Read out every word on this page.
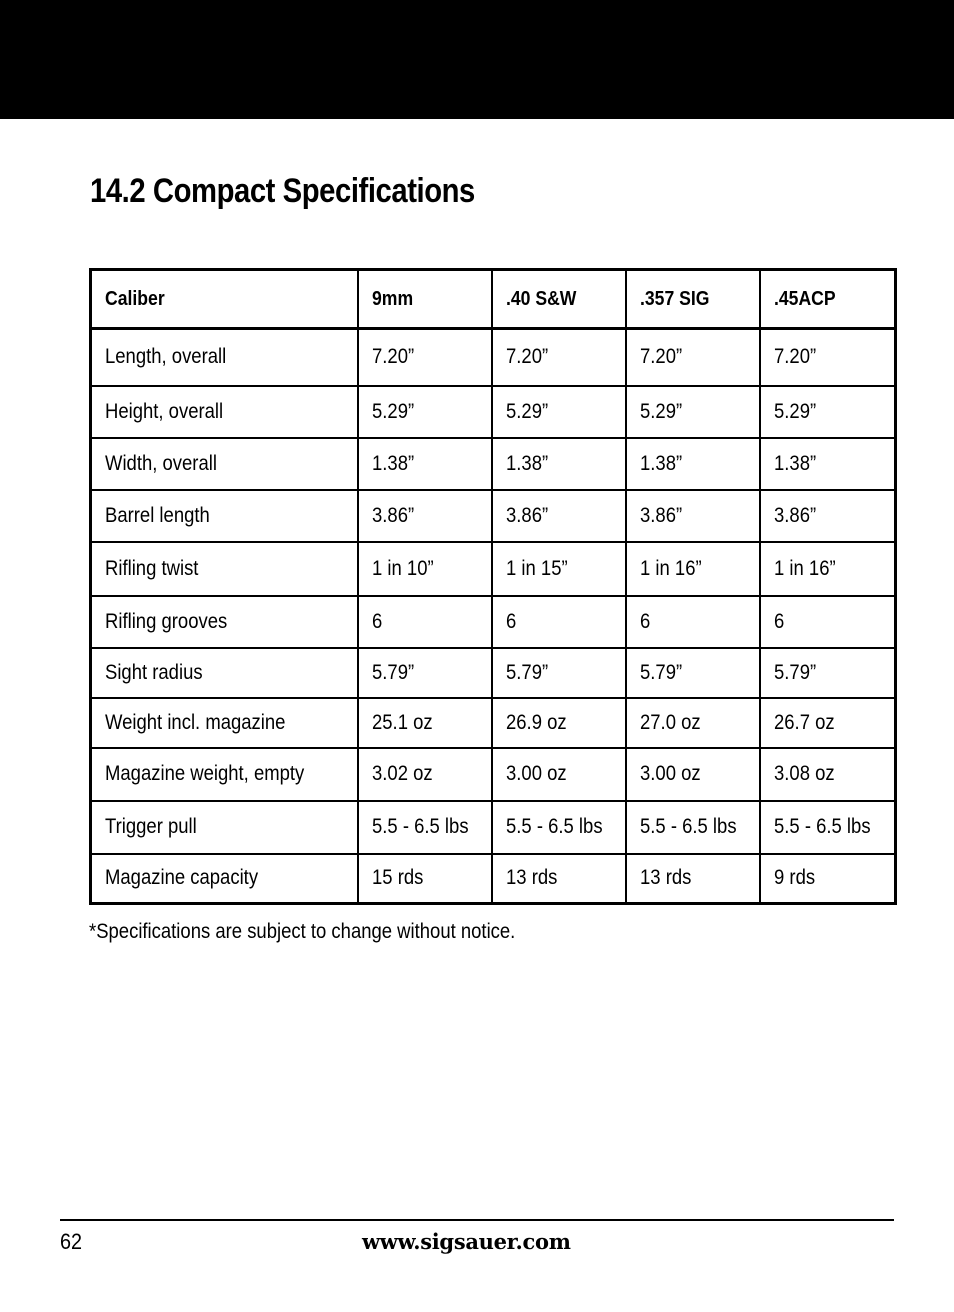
14.2 Compact Specifications
Caliber	9mm	.40 S&W	.357 SIG	.45ACP
Length, overall	7.20”	7.20”	7.20”	7.20”
Height, overall	5.29”	5.29”	5.29”	5.29”
Width, overall	1.38”	1.38”	1.38”	1.38”
Barrel length	3.86”	3.86”	3.86”	3.86”
Rifling twist	1 in 10”	1 in 15”	1 in 16”	1 in 16”
Rifling grooves	6	6	6	6
Sight radius	5.79”	5.79”	5.79”	5.79”
Weight incl. magazine	25.1 oz	26.9 oz	27.0 oz	26.7 oz
Magazine weight, empty	3.02 oz	3.00 oz	3.00 oz	3.08 oz
Trigger pull	5.5 - 6.5 lbs	5.5 - 6.5 lbs	5.5 - 6.5 lbs	5.5 - 6.5 lbs
Magazine capacity	15 rds	13 rds	13 rds	9 rds
*Specifications are subject to change without notice.
62	www.sigsauer.com
